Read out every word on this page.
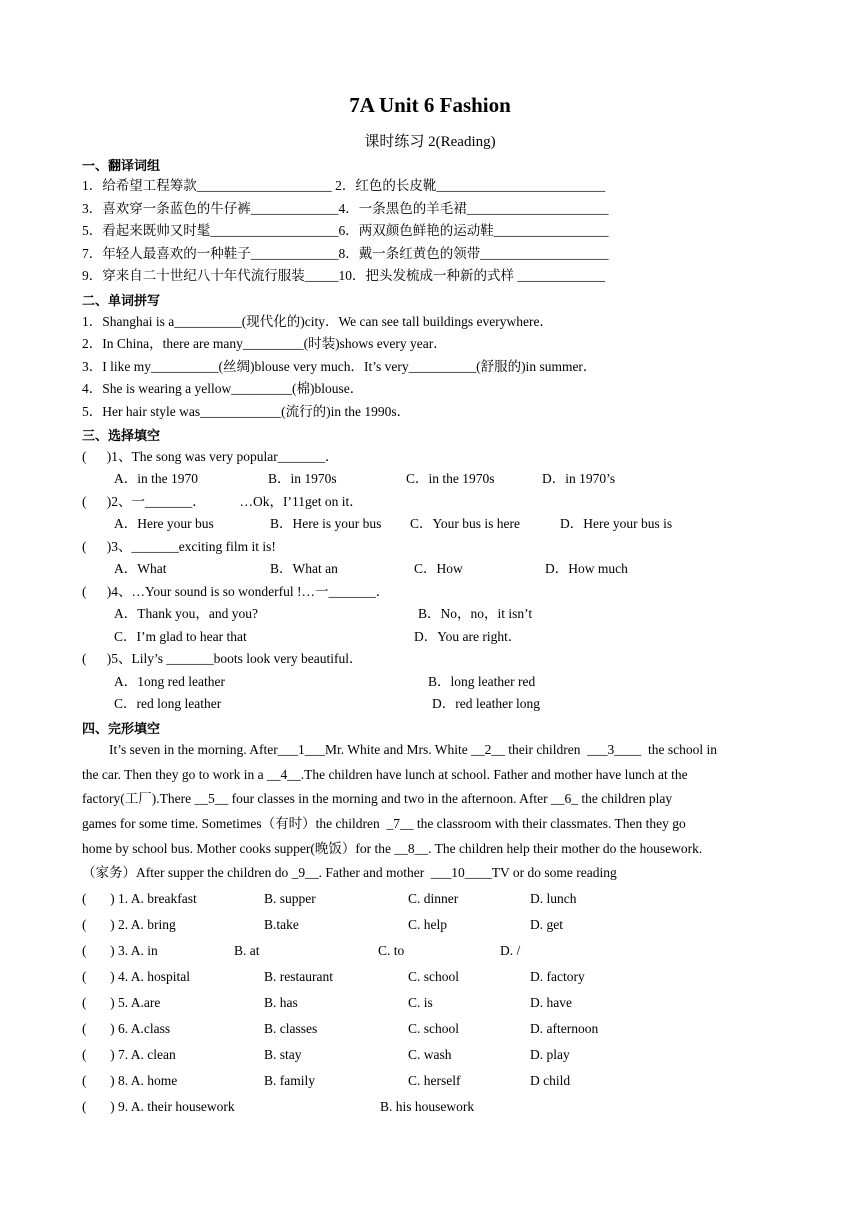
7A Unit 6 Fashion
课时练习 2(Reading)
一、翻译词组
1．给希望工程筹款____________________ 2．红色的长皮靴_________________________
3．喜欢穿一条蓝色的牛仔裤_____________4．一条黑色的羊毛裙_____________________
5．看起来既帅又时髦___________________6．两双颜色鲜艳的运动鞋_________________
7．年轻人最喜欢的一种鞋子_____________8．戴一条红黄色的领带___________________
9．穿来自二十世纪八十年代流行服装_____10．把头发梳成一种新的式样 _____________
二、单词拼写
1．Shanghai is a__________(现代化的)city．We can see tall buildings everywhere．
2．In China，there are many_________(时装)shows every year．
3．I like my__________(丝绸)blouse very much．It’s very__________(舒服的)in summer．
4．She is wearing a yellow_________(棉)blouse．
5．Her hair style was____________(流行的)in the 1990s．
三、选择填空
(      )1、The song was very popular_______．
A．in the 1970	B．in 1970s	C．in the 1970s	D．in 1970’s
(      )2、一_______．          …Ok，I’11get on it．
A．Here your bus	B．Here is your bus C．Your bus is here	D．Here your bus is
(      )3、_______exciting film it is!
A．What	B．What an	C．How	D．How much
(      )4、…Your sound is so wonderful !…一_______．
A．Thank you，and you?	B．No，no，it isn’t
C．I’m glad to hear that	D．You are right．
(      )5、Lily’s _______boots look very beautiful．
A．1ong red leather	B．long leather red
C．red long leather	D．red leather long
四、完形填空
It’s seven in the morning. After___1___Mr. White and Mrs. White __2__ their children  ___3____  the school in
the car. Then they go to work in a __4__.The children have lunch at school. Father and mother have lunch at the
factory(工厂).There __5__ four classes in the morning and two in the afternoon. After __6_ the children play
games for some time. Sometimes（有时）the children  _7__ the classroom with their classmates. Then they go
home by school bus. Mother cooks supper(晚饭）for the __8__. The children help their mother do the housework.
（家务）After supper the children do _9__. Father and mother  ___10____TV or do some reading
(       ) 1. A. breakfast	B. supper	C. dinner	D. lunch
(       ) 2. A. bring	B.take	C. help	D. get
(       ) 3. A. in	B. at	C. to	D. /
(       ) 4. A. hospital	B. restaurant	C. school	D. factory
(       ) 5. A.are	B. has	C. is	D. have
(       ) 6. A.class	B. classes	C. school	D. afternoon
(       ) 7. A. clean	B. stay	C. wash	D. play
(       ) 8. A. home	B. family	C. herself	D child
(       ) 9. A. their housework	B. his housework
